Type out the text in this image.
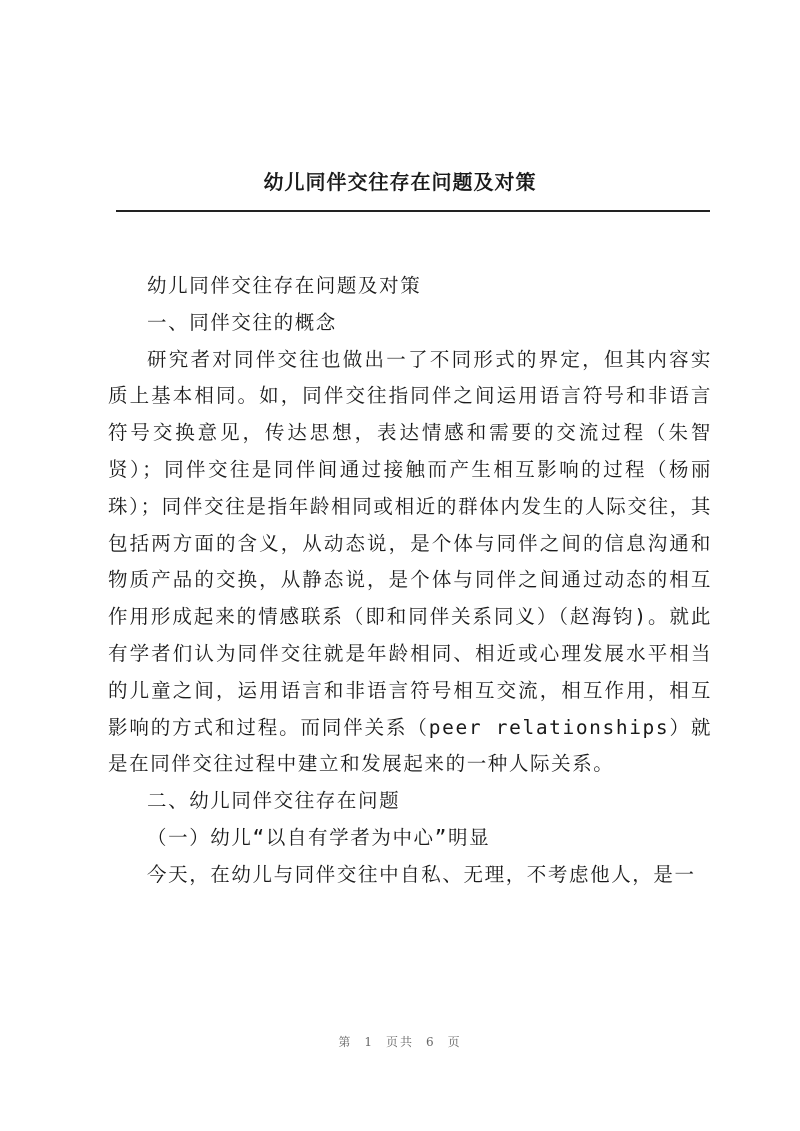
幼儿同伴交往存在问题及对策

幼儿同伴交往存在问题及对策

一、同伴交往的概念

研究者对同伴交往也做出一了不同形式的界定，但其内容实质上基本相同。如，同伴交往指同伴之间运用语言符号和非语言符号交换意见，传达思想，表达情感和需要的交流过程（朱智贤）；同伴交往是同伴间通过接触而产生相互影响的过程（杨丽珠）；同伴交往是指年龄相同或相近的群体内发生的人际交往，其包括两方面的含义，从动态说，是个体与同伴之间的信息沟通和物质产品的交换，从静态说，是个体与同伴之间通过动态的相互作用形成起来的情感联系（即和同伴关系同义）（赵海钧)。就此有学者们认为同伴交往就是年龄相同、相近或心理发展水平相当的儿童之间，运用语言和非语言符号相互交流，相互作用，相互影响的方式和过程。而同伴关系（peer relationships）就是在同伴交往过程中建立和发展起来的一种人际关系。

二、幼儿同伴交往存在问题

（一）幼儿“以自有学者为中心”明显

今天，在幼儿与同伴交往中自私、无理，不考虑他人，是一

第 1 页共 6 页
